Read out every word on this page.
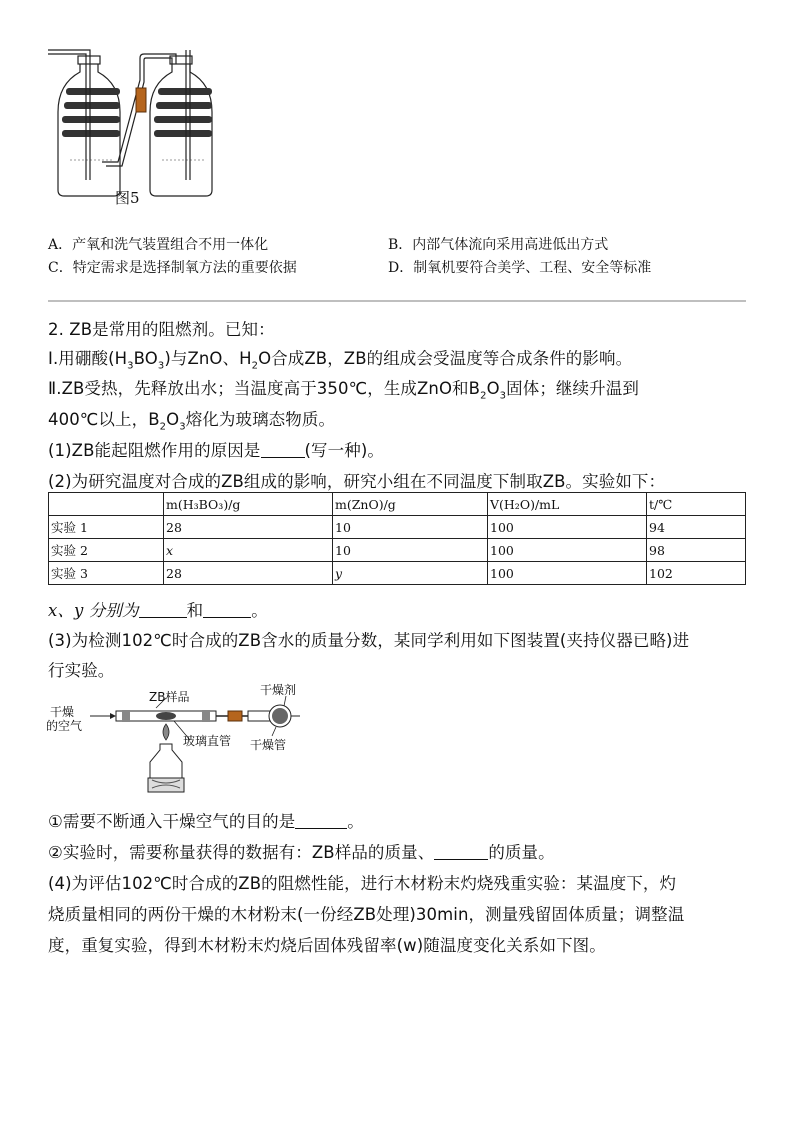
图5
A．产氧和洗气装置组合不用一体化	B．内部气体流向采用高进低出方式
C．特定需求是选择制氧方法的重要依据	D．制氧机要符合美学、工程、安全等标准
2. ZB是常用的阻燃剂。已知：
Ⅰ.用硼酸$(H_3BO_3)$与ZnO、$H_2O$合成ZB，ZB的组成会受温度等合成条件的影响。
Ⅱ.ZB受热，先释放出水；当温度高于350℃，生成ZnO和$B_2O_3$固体；继续升温到
400℃以上，$B_2O_3$熔化为玻璃态物质。
(1)ZB能起阻燃作用的原因是	(写一种)。
(2)为研究温度对合成的ZB组成的影响，研究小组在不同温度下制取ZB。实验如下：
	m(H₃BO₃)/g	m(ZnO)/g	V(H₂O)/mL	t/℃
实验 1	28	10	100	94
实验 2	x	10	100	98
实验 3	28	y	100	102
x、y 分别为	和	。
(3)为检测102℃时合成的ZB含水的质量分数，某同学利用如下图装置(夹持仪器已略)进
行实验。
干燥
的空气
ZB样品	干燥剂
玻璃直管 干燥管
①需要不断通入干燥空气的目的是	。
②实验时，需要称量获得的数据有：ZB样品的质量、	的质量。
(4)为评估102℃时合成的ZB的阻燃性能，进行木材粉末灼烧残重实验：某温度下，灼
烧质量相同的两份干燥的木材粉末(一份经ZB处理)30min，测量残留固体质量；调整温
度，重复实验，得到木材粉末灼烧后固体残留率(w)随温度变化关系如下图。
